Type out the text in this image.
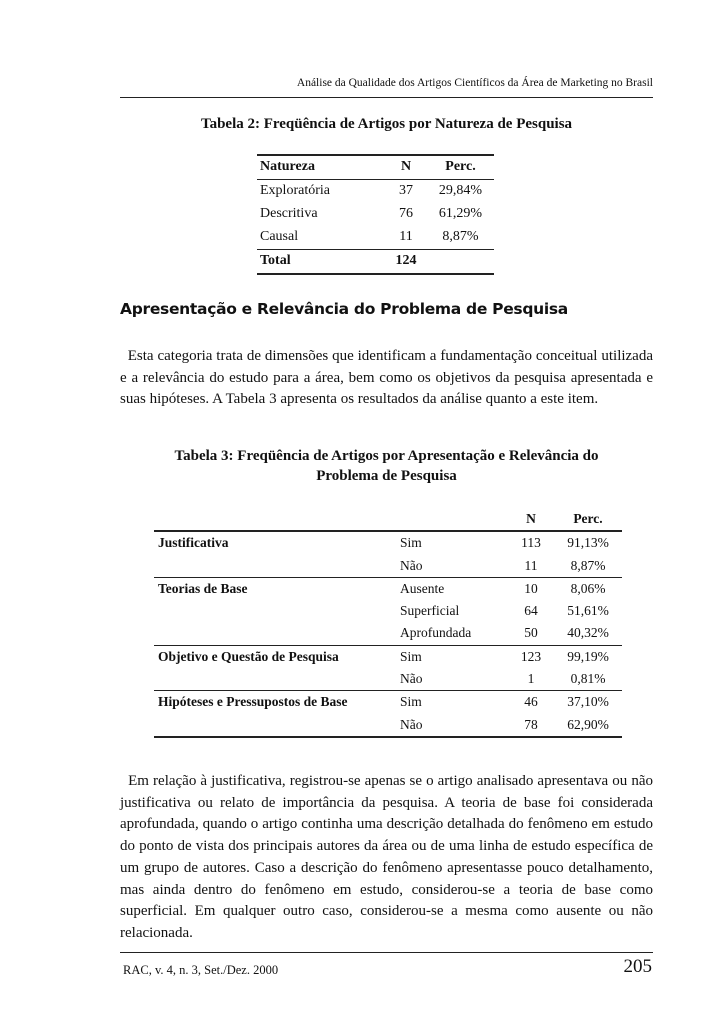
Análise da Qualidade dos Artigos Científicos da Área de Marketing no Brasil
Tabela 2: Freqüência de Artigos por Natureza de Pesquisa
Natureza	N	Perc.
Exploratória	37	29,84%
Descritiva	76	61,29%
Causal	11	8,87%
Total	124
Apresentação e Relevância do Problema de Pesquisa
Esta categoria trata de dimensões que identificam a fundamentação conceitual utilizada e a relevância do estudo para a área, bem como os objetivos da pesquisa apresentada e suas hipóteses. A Tabela 3 apresenta os resultados da análise quanto a este item.
Tabela 3: Freqüência de Artigos por Apresentação e Relevância do
Problema de Pesquisa
N	Perc.
Justificativa	Sim	113	91,13%
Não	11	8,87%
Teorias de Base	Ausente	10	8,06%
Superficial	64	51,61%
Aprofundada	50	40,32%
Objetivo e Questão de Pesquisa	Sim	123	99,19%
Não	1	0,81%
Hipóteses e Pressupostos de Base	Sim	46	37,10%
Não	78	62,90%
Em relação à justificativa, registrou-se apenas se o artigo analisado apresentava ou não justificativa ou relato de importância da pesquisa. A teoria de base foi considerada aprofundada, quando o artigo continha uma descrição detalhada do fenômeno em estudo do ponto de vista dos principais autores da área ou de uma linha de estudo específica de um grupo de autores. Caso a descrição do fenômeno apresentasse pouco detalhamento, mas ainda dentro do fenômeno em estudo, considerou-se a teoria de base como superficial. Em qualquer outro caso, considerou-se a mesma como ausente ou não relacionada.
RAC, v. 4, n. 3, Set./Dez. 2000	205
